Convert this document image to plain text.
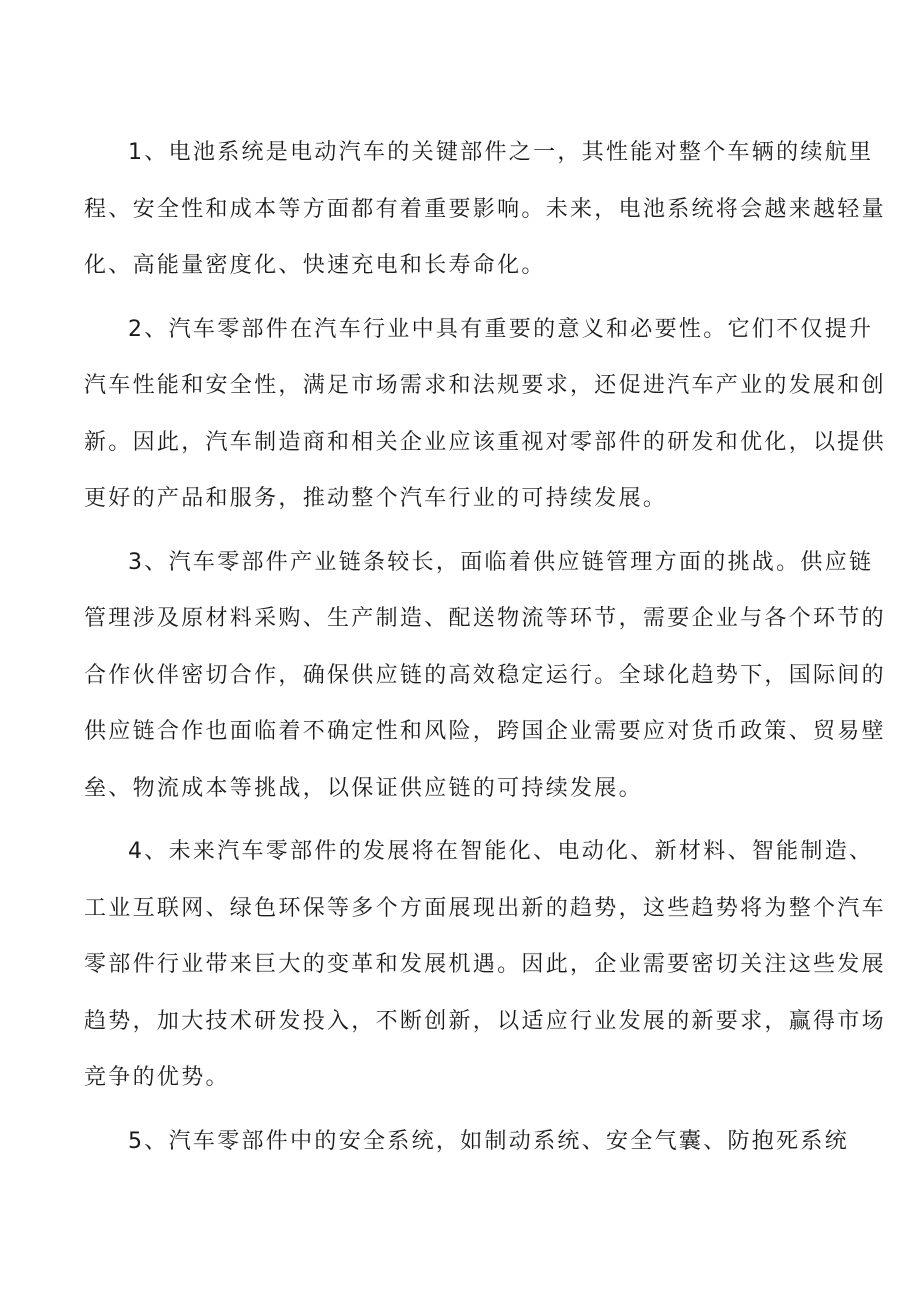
1、电池系统是电动汽车的关键部件之一，其性能对整个车辆的续航里
程、安全性和成本等方面都有着重要影响。未来，电池系统将会越来越轻量
化、高能量密度化、快速充电和长寿命化。

2、汽车零部件在汽车行业中具有重要的意义和必要性。它们不仅提升
汽车性能和安全性，满足市场需求和法规要求，还促进汽车产业的发展和创
新。因此，汽车制造商和相关企业应该重视对零部件的研发和优化，以提供
更好的产品和服务，推动整个汽车行业的可持续发展。

3、汽车零部件产业链条较长，面临着供应链管理方面的挑战。供应链
管理涉及原材料采购、生产制造、配送物流等环节，需要企业与各个环节的
合作伙伴密切合作，确保供应链的高效稳定运行。全球化趋势下，国际间的
供应链合作也面临着不确定性和风险，跨国企业需要应对货币政策、贸易壁
垒、物流成本等挑战，以保证供应链的可持续发展。

4、未来汽车零部件的发展将在智能化、电动化、新材料、智能制造、
工业互联网、绿色环保等多个方面展现出新的趋势，这些趋势将为整个汽车
零部件行业带来巨大的变革和发展机遇。因此，企业需要密切关注这些发展
趋势，加大技术研发投入，不断创新，以适应行业发展的新要求，赢得市场
竞争的优势。

5、汽车零部件中的安全系统，如制动系统、安全气囊、防抱死系统
